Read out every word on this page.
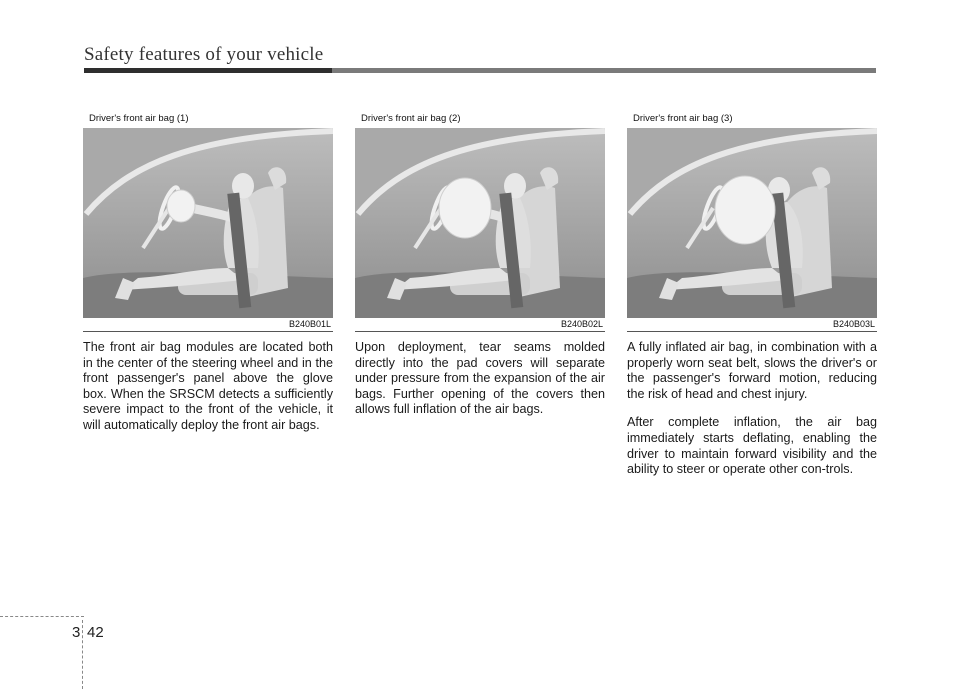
Safety features of your vehicle
Driver's front air bag (1)
B240B01L

The front air bag modules are located both in the center of the steering wheel and in the front passenger's panel above the glove box. When the SRSCM detects a sufficiently severe impact to the front of the vehicle, it will automatically deploy the front air bags.

Driver's front air bag (2)
B240B02L

Upon deployment, tear seams molded directly into the pad covers will separate under pressure from the expansion of the air bags. Further opening of the covers then allows full inflation of the air bags.

Driver's front air bag (3)
B240B03L

A fully inflated air bag, in combination with a properly worn seat belt, slows the driver's or the passenger's forward motion, reducing the risk of head and chest injury.

After complete inflation, the air bag immediately starts deflating, enabling the driver to maintain forward visibility and the ability to steer or operate other con-trols.

3 42
